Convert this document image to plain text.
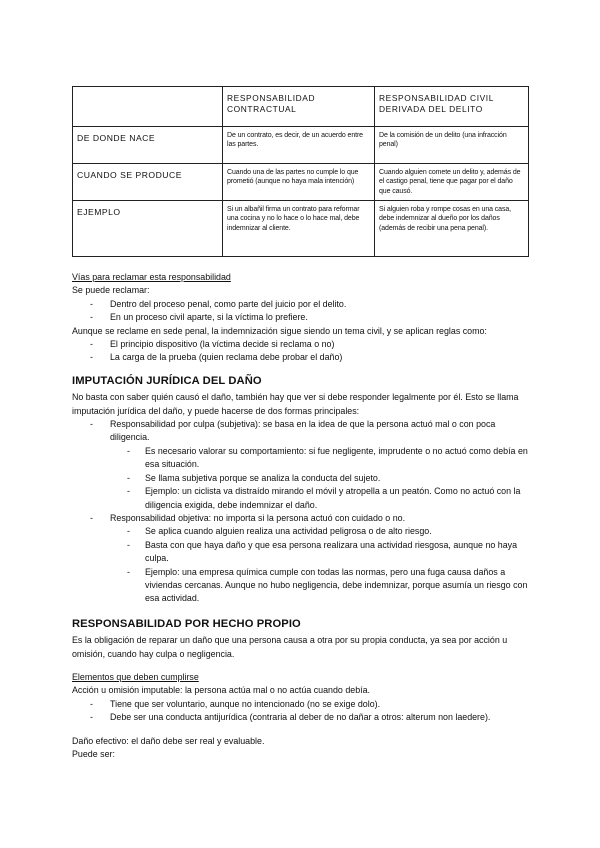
	RESPONSABILIDAD CONTRACTUAL	RESPONSABILIDAD CIVIL DERIVADA DEL DELITO
DE DONDE NACE	De un contrato, es decir, de un acuerdo entre las partes.	De la comisión de un delito (una infracción penal)
CUANDO SE PRODUCE	Cuando una de las partes no cumple lo que prometió (aunque no haya mala intención)	Cuando alguien comete un delito y, además de el castigo penal, tiene que pagar por el daño que causó.
EJEMPLO	Si un albañil firma un contrato para reformar una cocina y no lo hace o lo hace mal, debe indemnizar al cliente.	Si alguien roba y rompe cosas en una casa, debe indemnizar al dueño por los daños (además de recibir una pena penal).

Vías para reclamar esta responsabilidad

Se puede reclamar:

- Dentro del proceso penal, como parte del juicio por el delito.
- En un proceso civil aparte, si la víctima lo prefiere.

Aunque se reclame en sede penal, la indemnización sigue siendo un tema civil, y se aplican reglas como:

- El principio dispositivo (la víctima decide si reclama o no)
- La carga de la prueba (quien reclama debe probar el daño)
IMPUTACIÓN JURÍDICA DEL DAÑO

No basta con saber quién causó el daño, también hay que ver si debe responder legalmente por él. Esto se llama imputación jurídica del daño, y puede hacerse de dos formas principales:

- Responsabilidad por culpa (subjetiva): se basa en la idea de que la persona actuó mal o con poca diligencia.
- Es necesario valorar su comportamiento: si fue negligente, imprudente o no actuó como debía en esa situación.
- Se llama subjetiva porque se analiza la conducta del sujeto.
- Ejemplo: un ciclista va distraído mirando el móvil y atropella a un peatón. Como no actuó con la diligencia exigida, debe indemnizar el daño.
- Responsabilidad objetiva: no importa si la persona actuó con cuidado o no.
- Se aplica cuando alguien realiza una actividad peligrosa o de alto riesgo.
- Basta con que haya daño y que esa persona realizara una actividad riesgosa, aunque no haya culpa.
- Ejemplo: una empresa química cumple con todas las normas, pero una fuga causa daños a viviendas cercanas. Aunque no hubo negligencia, debe indemnizar, porque asumía un riesgo con esa actividad.
RESPONSABILIDAD POR HECHO PROPIO

Es la obligación de reparar un daño que una persona causa a otra por su propia conducta, ya sea por acción u omisión, cuando hay culpa o negligencia.

Elementos que deben cumplirse

Acción u omisión imputable: la persona actúa mal o no actúa cuando debía.

- Tiene que ser voluntario, aunque no intencionado (no se exige dolo).
- Debe ser una conducta antijurídica (contraria al deber de no dañar a otros: alterum non laedere).

Daño efectivo: el daño debe ser real y evaluable.

Puede ser:
